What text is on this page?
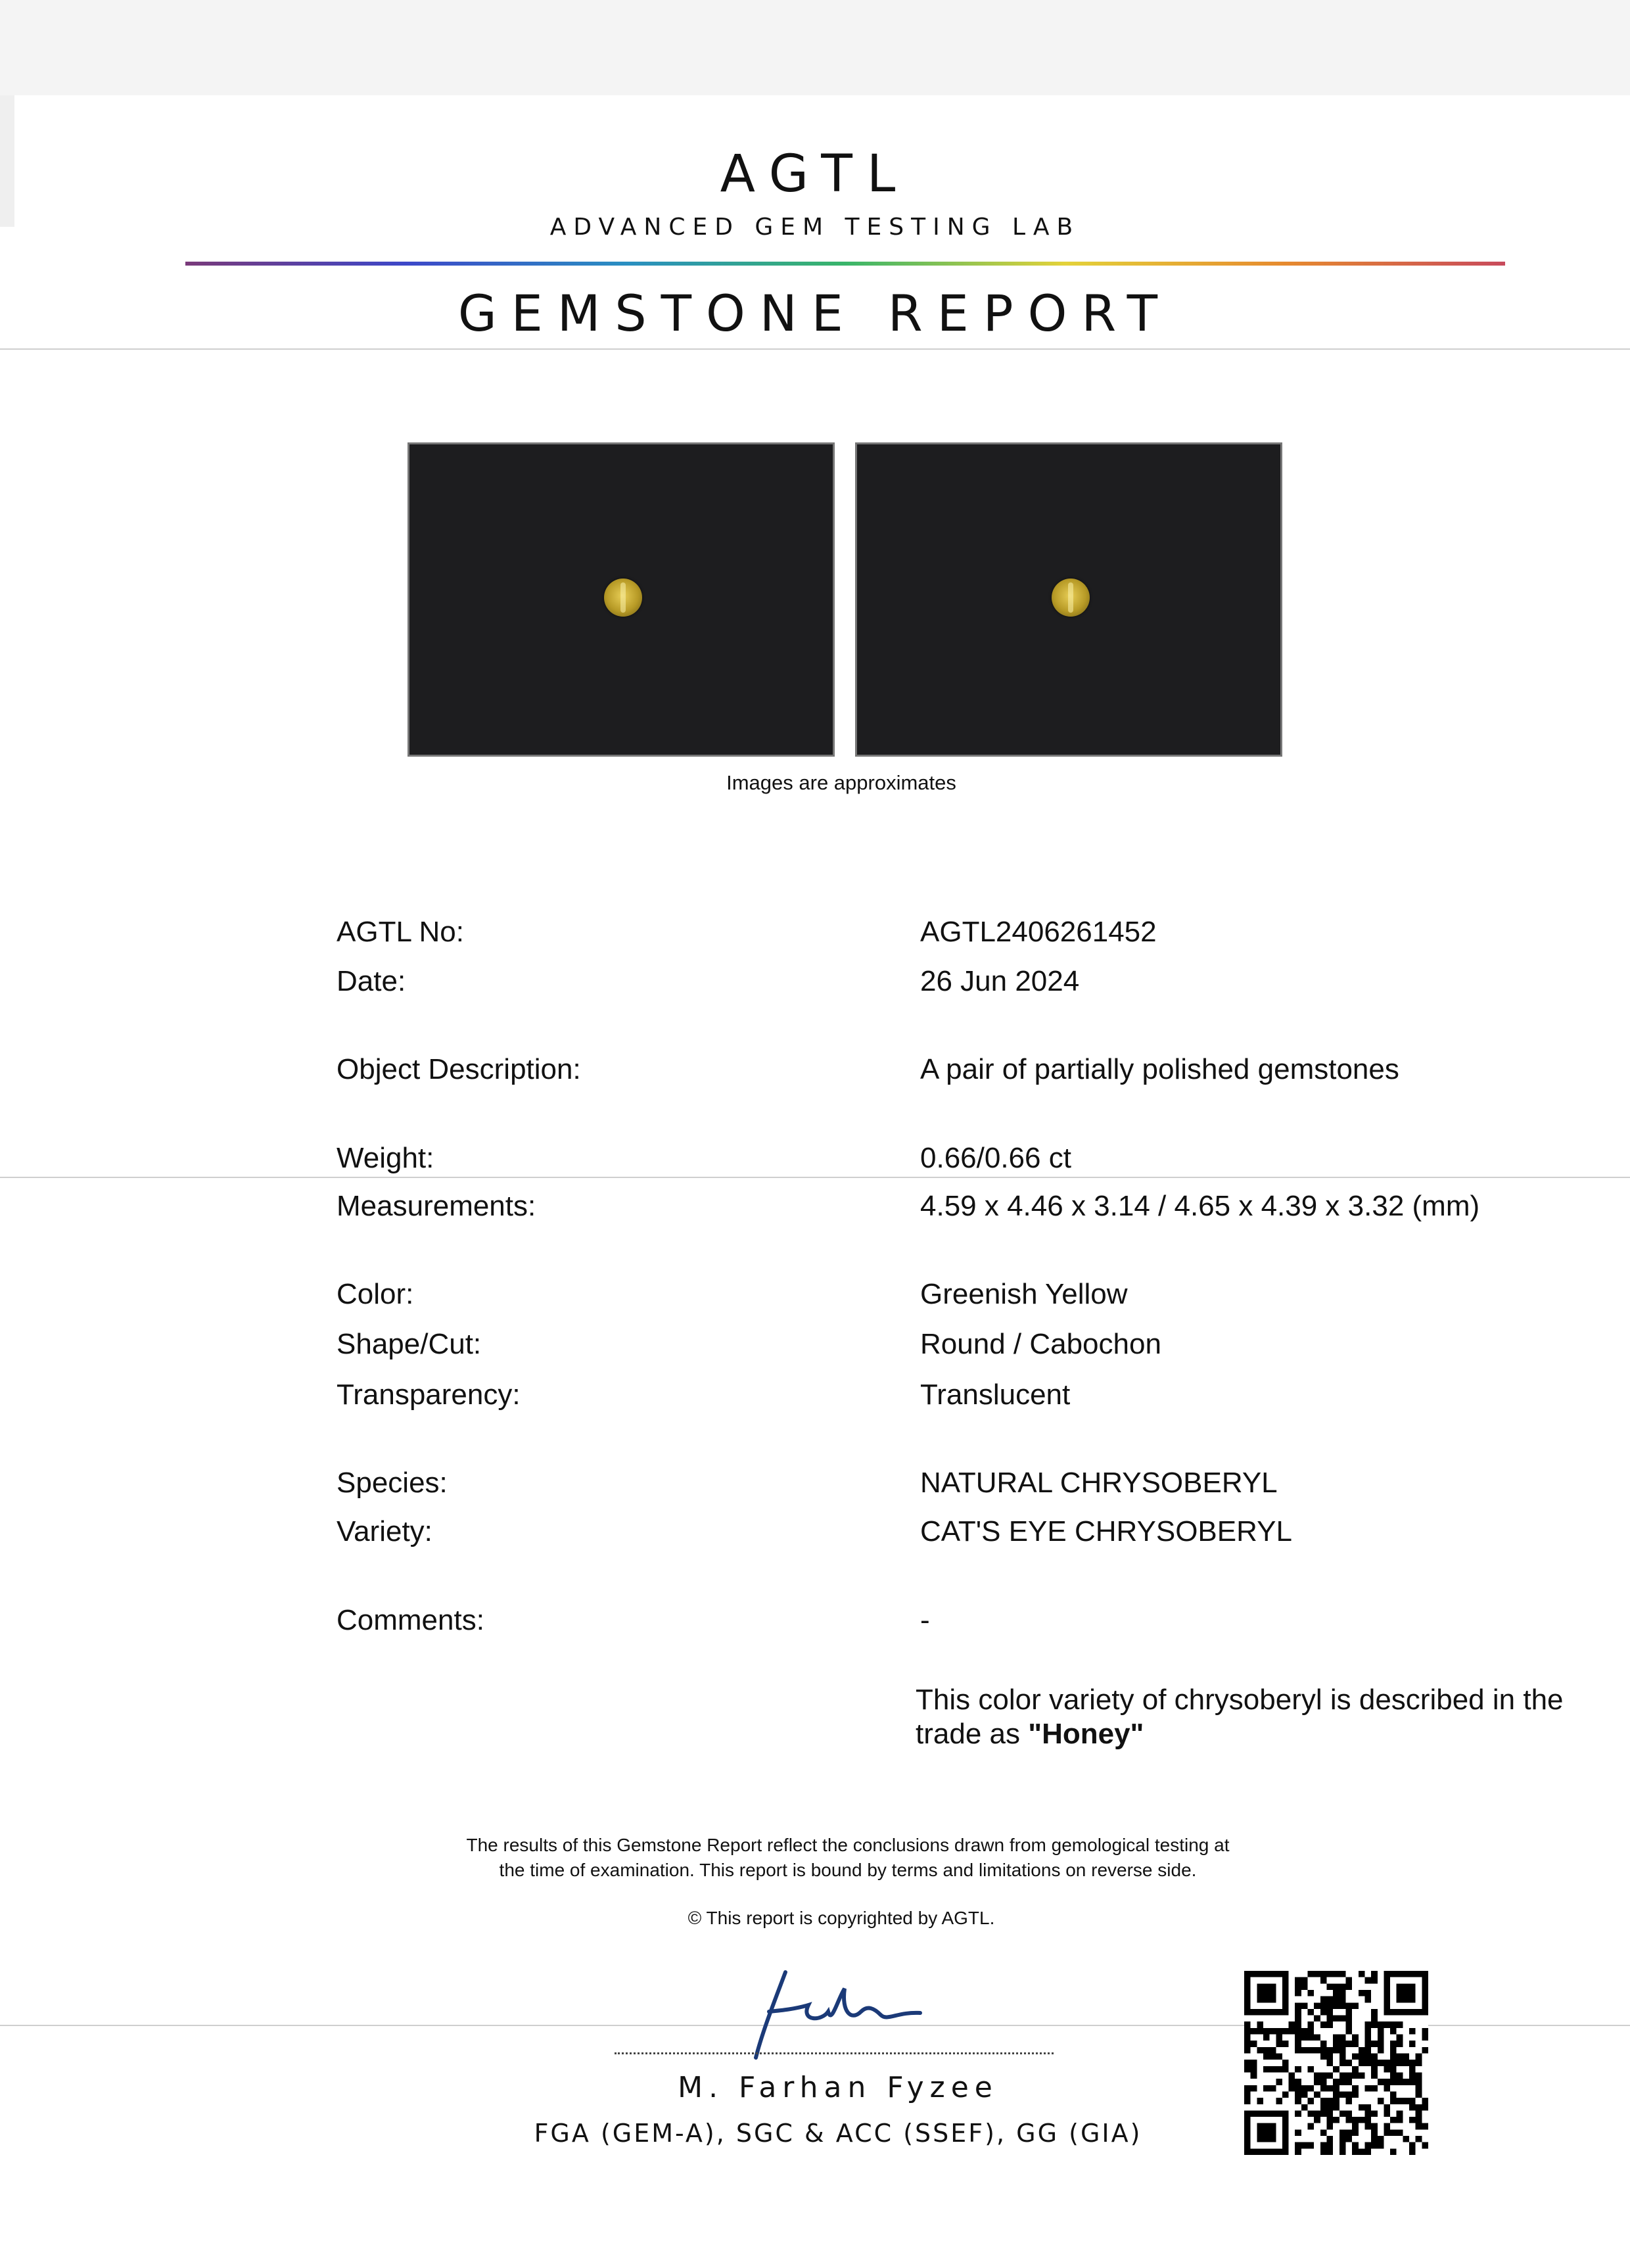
AGTL
ADVANCED GEM TESTING LAB
GEMSTONE REPORT
Images are approximates
AGTL No:	AGTL2406261452
Date:	26 Jun 2024
Object Description:	A pair of partially polished gemstones
Weight:	0.66/0.66 ct
Measurements:	4.59 x 4.46 x 3.14 / 4.65 x 4.39 x 3.32 (mm)
Color:	Greenish Yellow
Shape/Cut:	Round / Cabochon
Transparency:	Translucent
Species:	NATURAL CHRYSOBERYL
Variety:	CAT'S EYE CHRYSOBERYL
Comments:	-
This color variety of chrysoberyl is described in the trade as "Honey"
The results of this Gemstone Report reflect the conclusions drawn from gemological testing at
the time of examination. This report is bound by terms and limitations on reverse side.
© This report is copyrighted by AGTL.
M. Farhan Fyzee
FGA (GEM-A), SGC & ACC (SSEF), GG (GIA)
